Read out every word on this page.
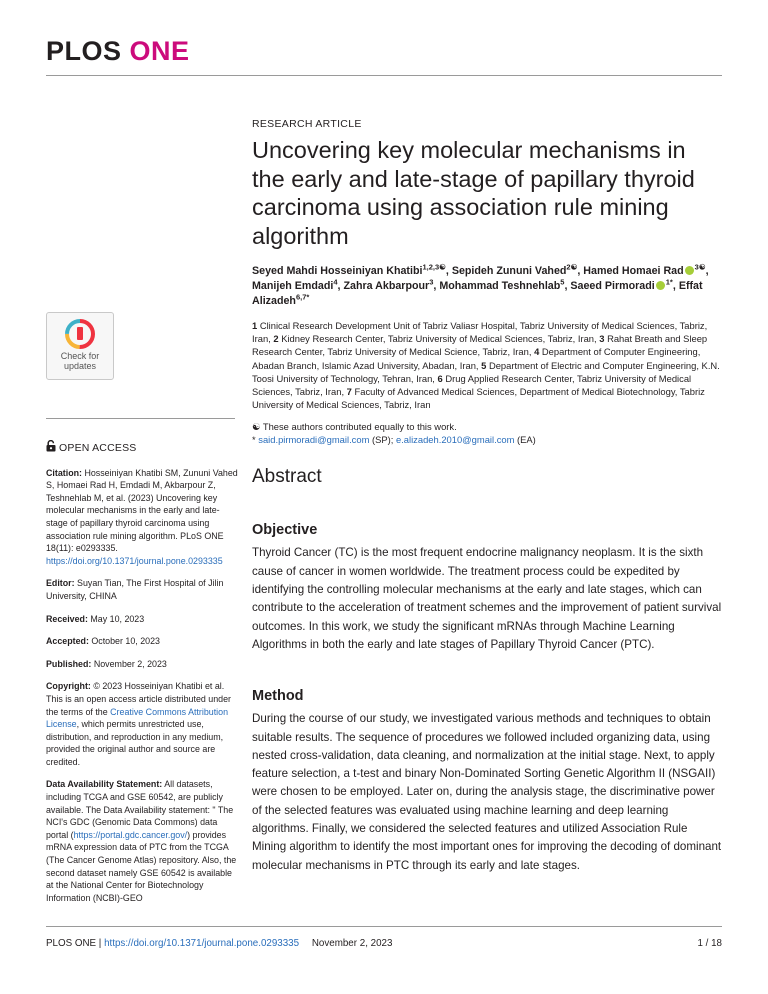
PLOS ONE
Check for
updates
OPEN ACCESS
Citation: Hosseiniyan Khatibi SM, Zununi Vahed S, Homaei Rad H, Emdadi M, Akbarpour Z, Teshnehlab M, et al. (2023) Uncovering key molecular mechanisms in the early and late-stage of papillary thyroid carcinoma using association rule mining algorithm. PLoS ONE 18(11): e0293335. https://doi.org/10.1371/journal.pone.0293335
Editor: Suyan Tian, The First Hospital of Jilin University, CHINA
Received: May 10, 2023
Accepted: October 10, 2023
Published: November 2, 2023
Copyright: © 2023 Hosseiniyan Khatibi et al. This is an open access article distributed under the terms of the Creative Commons Attribution License, which permits unrestricted use, distribution, and reproduction in any medium, provided the original author and source are credited.
Data Availability Statement: All datasets, including TCGA and GSE 60542, are publicly available. The Data Availability statement: " The NCI's GDC (Genomic Data Commons) data portal (https://portal.gdc.cancer.gov/) provides mRNA expression data of PTC from the TCGA (The Cancer Genome Atlas) repository. Also, the second dataset namely GSE 60542 is available at the National Center for Biotechnology Information (NCBI)-GEO
RESEARCH ARTICLE
Uncovering key molecular mechanisms in the early and late-stage of papillary thyroid carcinoma using association rule mining algorithm
Seyed Mahdi Hosseiniyan Khatibi$^{1,2,3☯}$, Sepideh Zununi Vahed$^{2☯}$, Hamed Homaei Rad $^{3☯}$, Manijeh Emdadi$^4$, Zahra Akbarpour$^3$, Mohammad Teshnehlab$^5$, Saeed Pirmoradi $^{1*}$, Effat Alizadeh$^{6,7*}$
1 Clinical Research Development Unit of Tabriz Valiasr Hospital, Tabriz University of Medical Sciences, Tabriz, Iran, 2 Kidney Research Center, Tabriz University of Medical Sciences, Tabriz, Iran, 3 Rahat Breath and Sleep Research Center, Tabriz University of Medical Science, Tabriz, Iran, 4 Department of Computer Engineering, Abadan Branch, Islamic Azad University, Abadan, Iran, 5 Department of Electric and Computer Engineering, K.N. Toosi University of Technology, Tehran, Iran, 6 Drug Applied Research Center, Tabriz University of Medical Sciences, Tabriz, Iran, 7 Faculty of Advanced Medical Sciences, Department of Medical Biotechnology, Tabriz University of Medical Sciences, Tabriz, Iran
☯ These authors contributed equally to this work.
* said.pirmoradi@gmail.com (SP); e.alizadeh.2010@gmail.com (EA)
Abstract
Objective

Thyroid Cancer (TC) is the most frequent endocrine malignancy neoplasm. It is the sixth cause of cancer in women worldwide. The treatment process could be expedited by identifying the controlling molecular mechanisms at the early and late stages, which can contribute to the acceleration of treatment schemes and the improvement of patient survival outcomes. In this work, we study the significant mRNAs through Machine Learning Algorithms in both the early and late stages of Papillary Thyroid Cancer (PTC).

Method

During the course of our study, we investigated various methods and techniques to obtain suitable results. The sequence of procedures we followed included organizing data, using nested cross-validation, data cleaning, and normalization at the initial stage. Next, to apply feature selection, a t-test and binary Non-Dominated Sorting Genetic Algorithm II (NSGAII) were chosen to be employed. Later on, during the analysis stage, the discriminative power of the selected features was evaluated using machine learning and deep learning algorithms. Finally, we considered the selected features and utilized Association Rule Mining algorithm to identify the most important ones for improving the decoding of dominant molecular mechanisms in PTC through its early and late stages.

PLOS ONE | https://doi.org/10.1371/journal.pone.0293335 November 2, 2023	1 / 18
